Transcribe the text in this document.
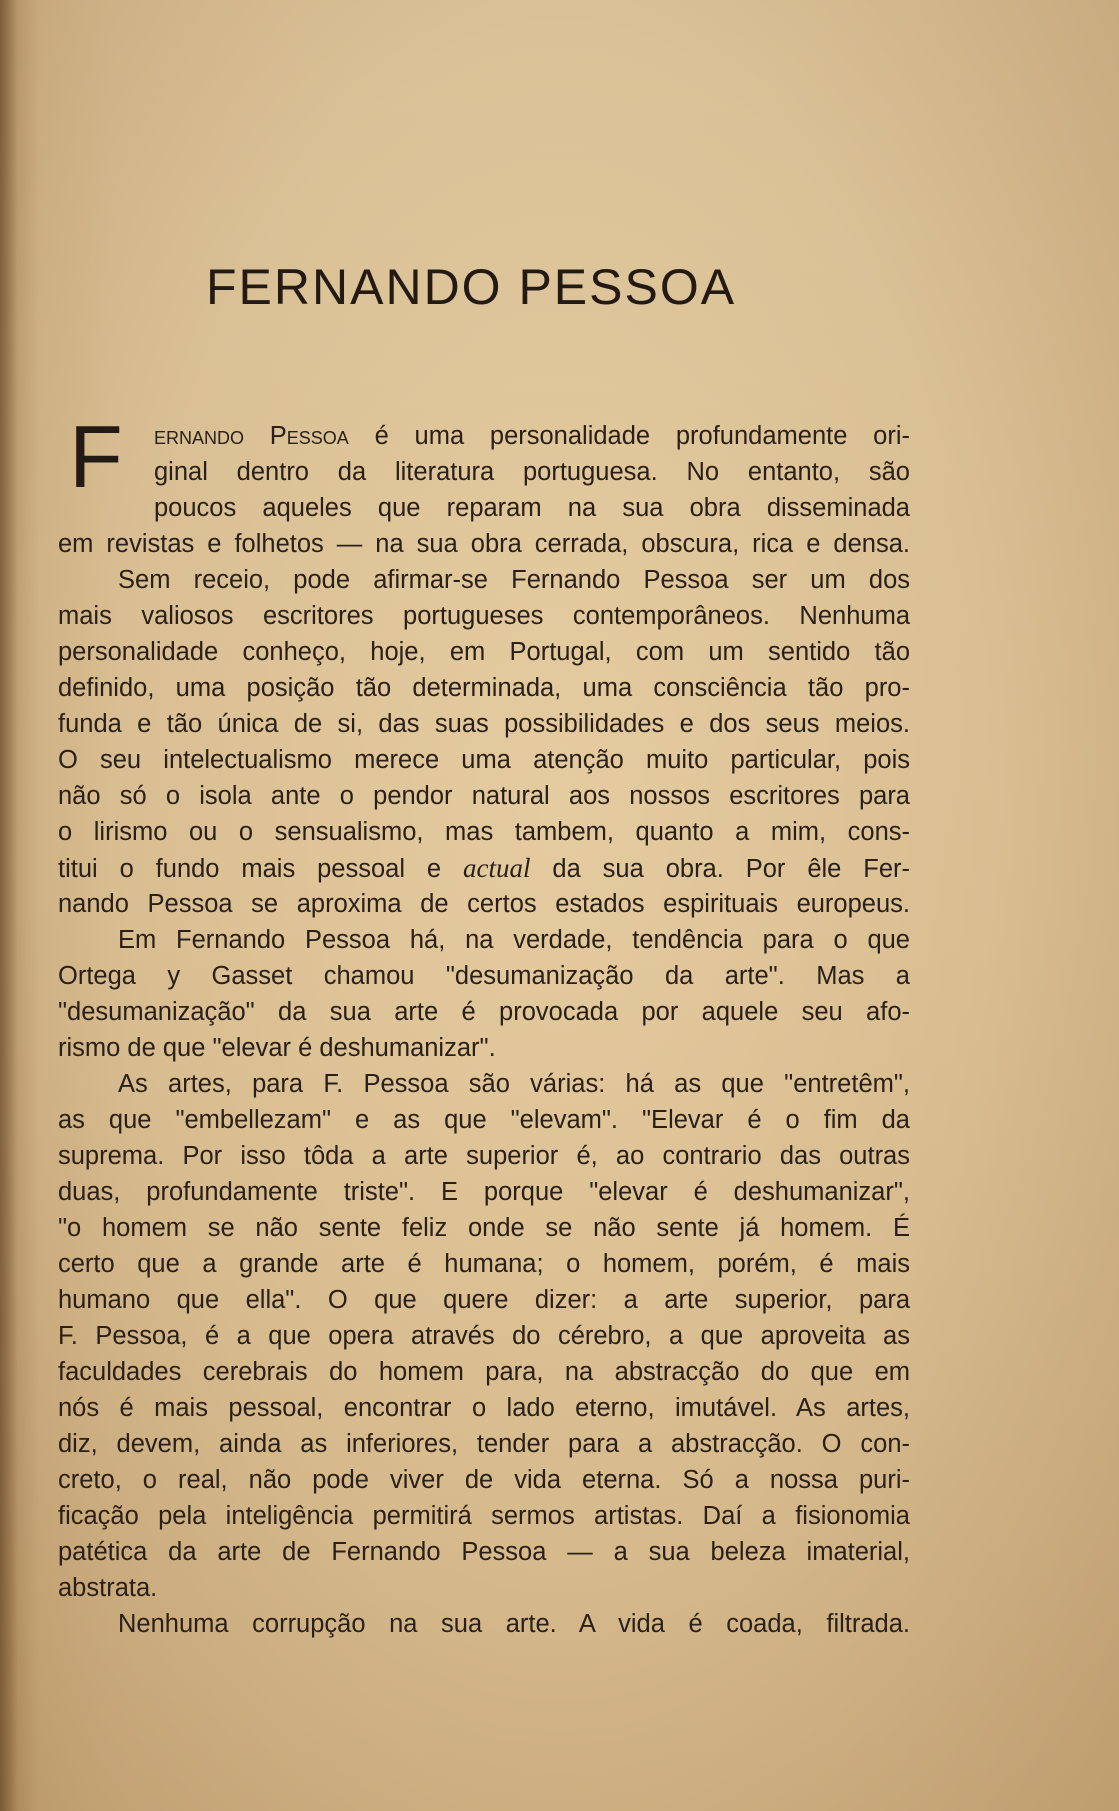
FERNANDO PESSOA
F ernando Pessoa é uma personalidade profundamente ori-

ginal dentro da literatura portuguesa. No entanto, são

poucos aqueles que reparam na sua obra disseminada

em revistas e folhetos — na sua obra cerrada, obscura, rica e densa.

Sem receio, pode afirmar-se Fernando Pessoa ser um dos

mais valiosos escritores portugueses contemporâneos. Nenhuma

personalidade conheço, hoje, em Portugal, com um sentido tão

definido, uma posição tão determinada, uma consciência tão pro-

funda e tão única de si, das suas possibilidades e dos seus meios.

O seu intelectualismo merece uma atenção muito particular, pois

não só o isola ante o pendor natural aos nossos escritores para

o lirismo ou o sensualismo, mas tambem, quanto a mim, cons-

titui o fundo mais pessoal e actual da sua obra. Por êle Fer-

nando Pessoa se aproxima de certos estados espirituais europeus.

Em Fernando Pessoa há, na verdade, tendência para o que

Ortega y Gasset chamou "desumanização da arte". Mas a

"desumanização" da sua arte é provocada por aquele seu afo-

rismo de que "elevar é deshumanizar".

As artes, para F. Pessoa são várias: há as que "entretêm",

as que "embellezam" e as que "elevam". "Elevar é o fim da

suprema. Por isso tôda a arte superior é, ao contrario das outras

duas, profundamente triste". E porque "elevar é deshumanizar",

"o homem se não sente feliz onde se não sente já homem. É

certo que a grande arte é humana; o homem, porém, é mais

humano que ella". O que quere dizer: a arte superior, para

F. Pessoa, é a que opera através do cérebro, a que aproveita as

faculdades cerebrais do homem para, na abstracção do que em

nós é mais pessoal, encontrar o lado eterno, imutável. As artes,

diz, devem, ainda as inferiores, tender para a abstracção. O con-

creto, o real, não pode viver de vida eterna. Só a nossa puri-

ficação pela inteligência permitirá sermos artistas. Daí a fisionomia

patética da arte de Fernando Pessoa — a sua beleza imaterial,

abstrata.

Nenhuma corrupção na sua arte. A vida é coada, filtrada.
